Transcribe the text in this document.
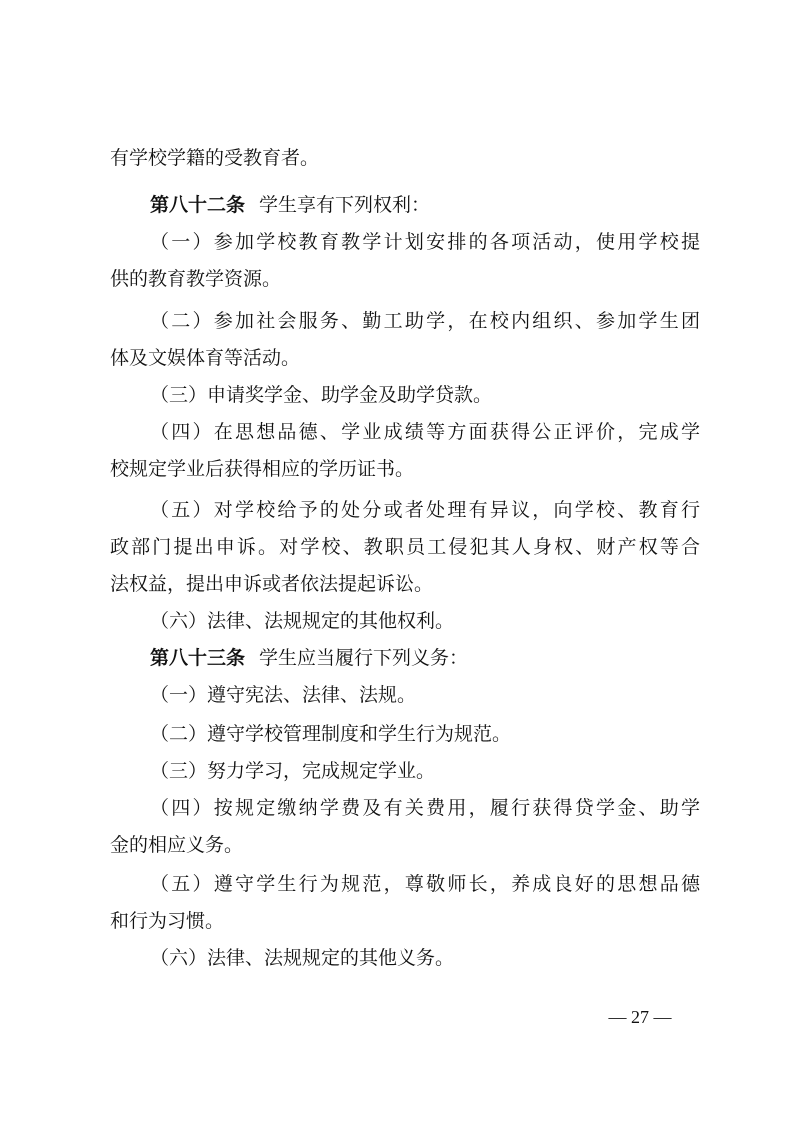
有学校学籍的受教育者。
第八十二条 学生享有下列权利：
（一）参加学校教育教学计划安排的各项活动，使用学校提
供的教育教学资源。
（二）参加社会服务、勤工助学，在校内组织、参加学生团
体及文娱体育等活动。
（三）申请奖学金、助学金及助学贷款。
（四）在思想品德、学业成绩等方面获得公正评价，完成学
校规定学业后获得相应的学历证书。
（五）对学校给予的处分或者处理有异议，向学校、教育行
政部门提出申诉。对学校、教职员工侵犯其人身权、财产权等合
法权益，提出申诉或者依法提起诉讼。
（六）法律、法规规定的其他权利。
第八十三条 学生应当履行下列义务：
（一）遵守宪法、法律、法规。
（二）遵守学校管理制度和学生行为规范。
（三）努力学习，完成规定学业。
（四）按规定缴纳学费及有关费用，履行获得贷学金、助学
金的相应义务。
（五）遵守学生行为规范，尊敬师长，养成良好的思想品德
和行为习惯。
（六）法律、法规规定的其他义务。
— 27 —
